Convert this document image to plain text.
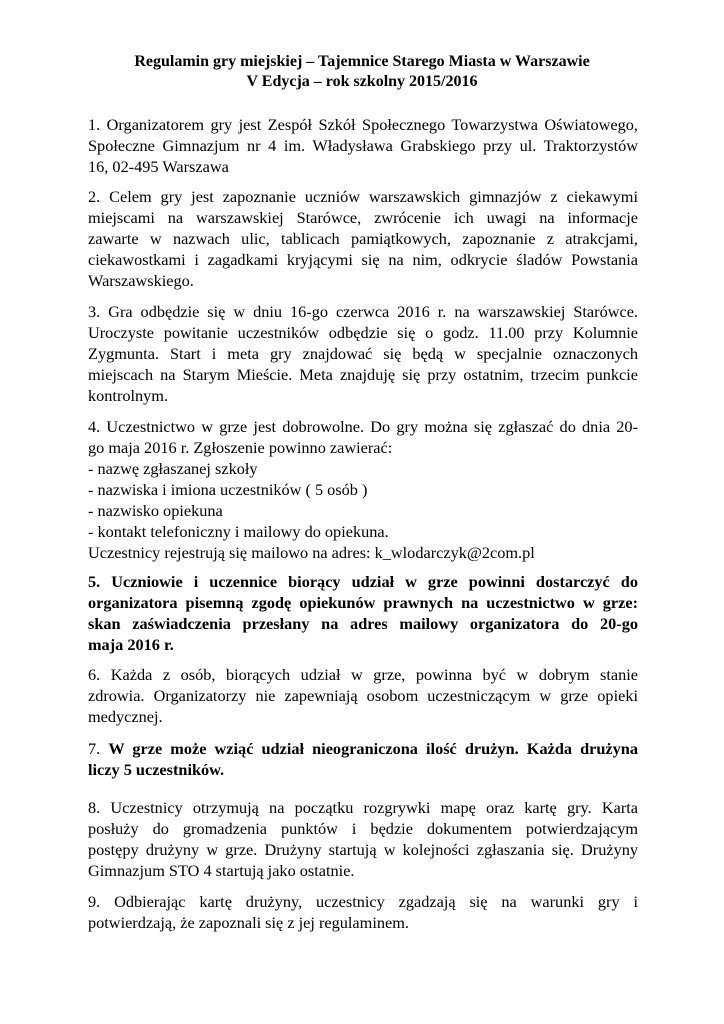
Regulamin gry miejskiej – Tajemnice Starego Miasta w Warszawie
V Edycja – rok szkolny 2015/2016
1. Organizatorem gry jest Zespół Szkół Społecznego Towarzystwa Oświatowego,
Społeczne Gimnazjum nr 4 im. Władysława Grabskiego przy ul. Traktorzystów
16, 02-495 Warszawa
2. Celem gry jest zapoznanie uczniów warszawskich gimnazjów z ciekawymi
miejscami na warszawskiej Starówce, zwrócenie ich uwagi na informacje
zawarte w nazwach ulic, tablicach pamiątkowych, zapoznanie z atrakcjami,
ciekawostkami i zagadkami kryjącymi się na nim, odkrycie śladów Powstania
Warszawskiego.
3. Gra odbędzie się w dniu 16-go czerwca 2016 r. na warszawskiej Starówce.
Uroczyste powitanie uczestników odbędzie się o godz. 11.00 przy Kolumnie
Zygmunta. Start i meta gry znajdować się będą w specjalnie oznaczonych
miejscach na Starym Mieście. Meta znajduję się przy ostatnim, trzecim punkcie
kontrolnym.
4. Uczestnictwo w grze jest dobrowolne. Do gry można się zgłaszać do dnia 20-
go maja 2016 r. Zgłoszenie powinno zawierać:
- nazwę zgłaszanej szkoły
- nazwiska i imiona uczestników ( 5 osób )
- nazwisko opiekuna
- kontakt telefoniczny i mailowy do opiekuna.
Uczestnicy rejestrują się mailowo na adres: k_wlodarczyk@2com.pl
5. Uczniowie i uczennice biorący udział w grze powinni dostarczyć do
organizatora pisemną zgodę opiekunów prawnych na uczestnictwo w grze:
skan zaświadczenia przesłany na adres mailowy organizatora do 20-go
maja 2016 r.
6. Każda z osób, biorących udział w grze, powinna być w dobrym stanie
zdrowia. Organizatorzy nie zapewniają osobom uczestniczącym w grze opieki
medycznej.
7. W grze może wziąć udział nieograniczona ilość drużyn. Każda drużyna
liczy 5 uczestników.
8. Uczestnicy otrzymują na początku rozgrywki mapę oraz kartę gry. Karta
posłuży do gromadzenia punktów i będzie dokumentem potwierdzającym
postępy drużyny w grze. Drużyny startują w kolejności zgłaszania się. Drużyny
Gimnazjum STO 4 startują jako ostatnie.
9. Odbierając kartę drużyny, uczestnicy zgadzają się na warunki gry i
potwierdzają, że zapoznali się z jej regulaminem.
